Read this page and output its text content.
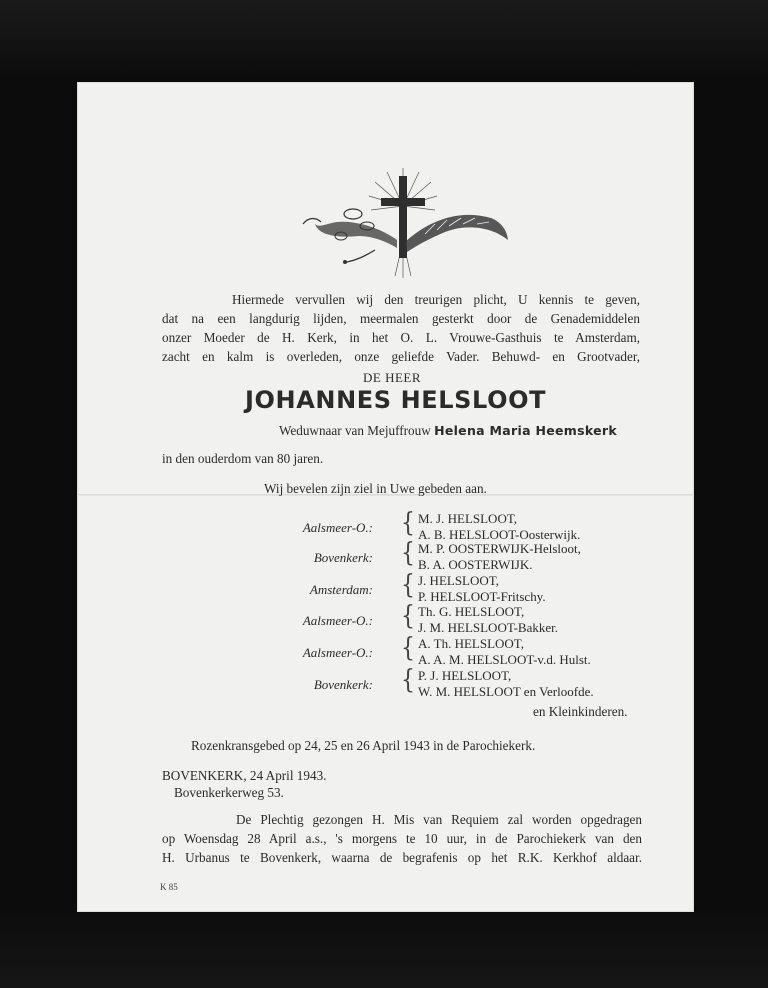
Hiermede vervullen wij den treurigen plicht, U kennis te geven,
dat na een langdurig lijden, meermalen gesterkt door de Genademiddelen
onzer Moeder de H. Kerk, in het O. L. Vrouwe-Gasthuis te Amsterdam,
zacht en kalm is overleden, onze geliefde Vader. Behuwd- en Grootvader,
DE HEER
JOHANNES HELSLOOT
Weduwnaar van Mejuffrouw Helena Maria Heemskerk
in den ouderdom van 80 jaren.
Wij bevelen zijn ziel in Uwe gebeden aan.
Aalsmeer-O.: { M. J. HELSLOOT,
A. B. HELSLOOT-Oosterwijk.
Bovenkerk: { M. P. OOSTERWIJK-Helsloot,
B. A. OOSTERWIJK.
Amsterdam: { J. HELSLOOT,
P. HELSLOOT-Fritschy.
Aalsmeer-O.: { Th. G. HELSLOOT,
J. M. HELSLOOT-Bakker.
Aalsmeer-O.: { A. Th. HELSLOOT,
A. A. M. HELSLOOT-v.d. Hulst.
Bovenkerk: { P. J. HELSLOOT,
W. M. HELSLOOT en Verloofde.
en Kleinkinderen.
Rozenkransgebed op 24, 25 en 26 April 1943 in de Parochiekerk.
BOVENKERK, 24 April 1943.
Bovenkerkerweg 53.
De Plechtig gezongen H. Mis van Requiem zal worden opgedragen
op Woensdag 28 April a.s., 's morgens te 10 uur, in de Parochiekerk van den
H. Urbanus te Bovenkerk, waarna de begrafenis op het R.K. Kerkhof aldaar.
K 85
